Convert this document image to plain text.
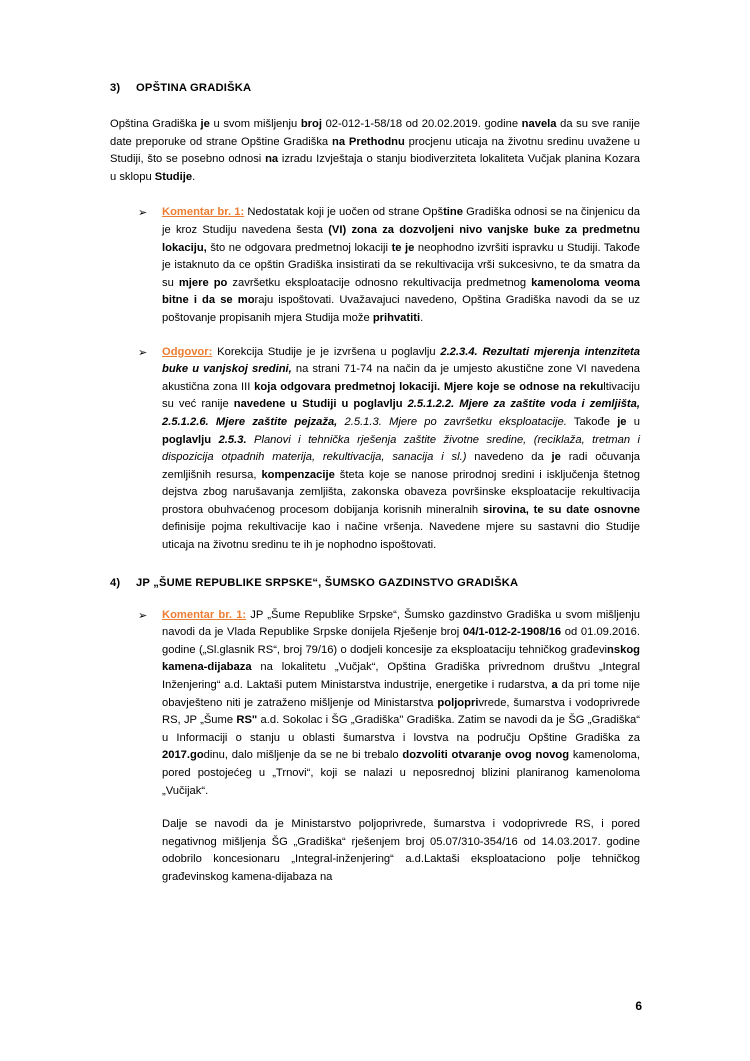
3)	OPŠTINA GRADIŠKA

Opština Gradiška je u svom mišljenju broj 02-012-1-58/18 od 20.02.2019. godine navela da su sve ranije date preporuke od strane Opštine Gradiška na Prethodnu procjenu uticaja na životnu sredinu uvažene u Studiji, što se posebno odnosi na izradu Izvještaja o stanju biodiverziteta lokaliteta Vučjak planina Kozara u sklopu Studije.

➢	Komentar br. 1: Nedostatak koji je uočen od strane Opštine Gradiška odnosi se na činjenicu da je kroz Studiju navedena šesta (VI) zona za dozvoljeni nivo vanjske buke za predmetnu lokaciju, što ne odgovara predmetnoj lokaciji te je neophodno izvršiti ispravku u Studiji. Takođe je istaknuto da ce opštin Gradiška insistirati da se rekultivacija vrši sukcesivno, te da smatra da su mjere po završetku eksploatacije odnosno rekultivacija predmetnog kamenoloma veoma bitne i da se moraju ispoštovati. Uvažavajuci navedeno, Opština Gradiška navodi da se uz poštovanje propisanih mjera Studija može prihvatiti.
➢	Odgovor: Korekcija Studije je je izvršena u poglavlju 2.2.3.4. Rezultati mjerenja intenziteta buke u vanjskoj sredini, na strani 71-74 na način da je umjesto akustične zone VI navedena akustična zona III koja odgovara predmetnoj lokaciji. Mjere koje se odnose na rekultivaciju su već ranije navedene u Studiji u poglavlju 2.5.1.2.2. Mjere za zaštite voda i zemljišta, 2.5.1.2.6. Mjere zaštite pejzaža, 2.5.1.3. Mjere po završetku eksploatacije. Takođe je u poglavlju 2.5.3. Planovi i tehnička rješenja zaštite životne sredine, (reciklaža, tretman i dispozicija otpadnih materija, rekultivacija, sanacija i sl.) navedeno da je radi očuvanja zemljišnih resursa, kompenzacije šteta koje se nanose prirodnoj sredini i isključenja štetnog dejstva zbog narušavanja zemljišta, zakonska obaveza površinske eksploatacije rekultivacija prostora obuhvaćenog procesom dobijanja korisnih mineralnih sirovina, te su date osnovne definisije pojma rekultivacije kao i načine vršenja. Navedene mjere su sastavni dio Studije uticaja na životnu sredinu te ih je nophodno ispoštovati.
4)	JP „ŠUME REPUBLIKE SRPSKE“, ŠUMSKO GAZDINSTVO GRADIŠKA
➢	Komentar br. 1: JP „Šume Republike Srpske“, Šumsko gazdinstvo Gradiška u svom mišljenju navodi da je Vlada Republike Srpske donijela Rješenje broj 04/1-012-2-1908/16 od 01.09.2016. godine („Sl.glasnik RS“, broj 79/16) o dodjeli koncesije za eksploataciju tehničkog građevinskog kamena-dijabaza na lokalitetu „Vučjak“, Opština Gradiška privrednom društvu „Integral Inženjering“ a.d. Laktaši putem Ministarstva industrije, energetike i rudarstva, a da pri tome nije obavješteno niti je zatraženo mišljenje od Ministarstva poljoprivrede, šumarstva i vodoprivrede RS, JP „Šume RS" a.d. Sokolac i ŠG „Gradiška" Gradiška. Zatim se navodi da je ŠG „Gradiška“ u Informaciji o stanju u oblasti šumarstva i lovstva na području Opštine Gradiška za 2017.godinu, dalo mišljenje da se ne bi trebalo dozvoliti otvaranje ovog novog kamenoloma, pored postojećeg u „Trnovi“, koji se nalazi u neposrednoj blizini planiranog kamenoloma „Vučijak“.
Dalje se navodi da je Ministarstvo poljoprivrede, šumarstva i vodoprivrede RS, i pored negativnog mišljenja ŠG „Gradiška“ rješenjem broj 05.07/310-354/16 od 14.03.2017. godine odobrilo koncesionaru „Integral-inženjering“ a.d.Laktaši eksploataciono polje tehničkog građevinskog kamena-dijabaza na
6
